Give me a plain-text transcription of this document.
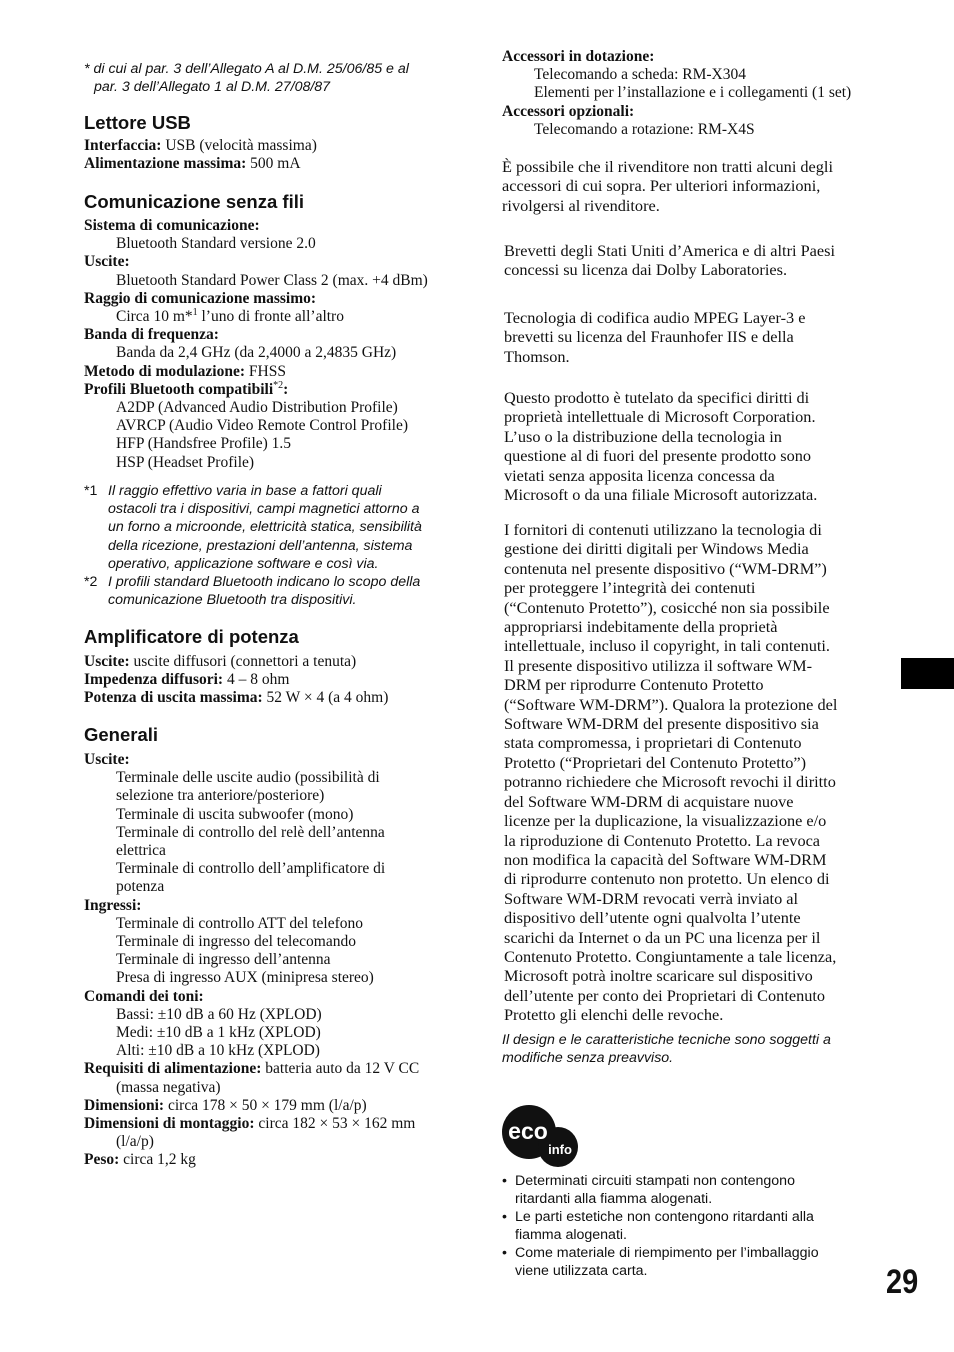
* di cui al par. 3 dell’Allegato A al D.M. 25/06/85 e al
par. 3 dell’Allegato 1 al D.M. 27/08/87
Lettore USB
Interfaccia: USB (velocità massima)
Alimentazione massima: 500 mA
Comunicazione senza fili
Sistema di comunicazione:
Bluetooth Standard versione 2.0
Uscite:
Bluetooth Standard Power Class 2 (max. +4 dBm)
Raggio di comunicazione massimo:
Circa 10 m*$^1$ l’uno di fronte all’altro
Banda di frequenza:
Banda da 2,4 GHz (da 2,4000 a 2,4835 GHz)
Metodo di modulazione: FHSS
Profili Bluetooth compatibili$^{*2}$:
A2DP (Advanced Audio Distribution Profile)
AVRCP (Audio Video Remote Control Profile)
HFP (Handsfree Profile) 1.5
HSP (Headset Profile)
*1 Il raggio effettivo varia in base a fattori quali
ostacoli tra i dispositivi, campi magnetici attorno a
un forno a microonde, elettricità statica, sensibilità
della ricezione, prestazioni dell’antenna, sistema
operativo, applicazione software e così via.
*2 I profili standard Bluetooth indicano lo scopo della
comunicazione Bluetooth tra dispositivi.
Amplificatore di potenza
Uscite: uscite diffusori (connettori a tenuta)
Impedenza diffusori: 4 – 8 ohm
Potenza di uscita massima: 52 W × 4 (a 4 ohm)
Generali
Uscite:
Terminale delle uscite audio (possibilità di
selezione tra anteriore/posteriore)
Terminale di uscita subwoofer (mono)
Terminale di controllo del relè dell’antenna
elettrica
Terminale di controllo dell’amplificatore di
potenza
Ingressi:
Terminale di controllo ATT del telefono
Terminale di ingresso del telecomando
Terminale di ingresso dell’antenna
Presa di ingresso AUX (minipresa stereo)
Comandi dei toni:
Bassi: ±10 dB a 60 Hz (XPLOD)
Medi: ±10 dB a 1 kHz (XPLOD)
Alti: ±10 dB a 10 kHz (XPLOD)
Requisiti di alimentazione: batteria auto da 12 V CC
(massa negativa)
Dimensioni: circa 178 × 50 × 179 mm (l/a/p)
Dimensioni di montaggio: circa 182 × 53 × 162 mm
(l/a/p)
Peso: circa 1,2 kg
Accessori in dotazione:
Telecomando a scheda: RM-X304
Elementi per l’installazione e i collegamenti (1 set)
Accessori opzionali:
Telecomando a rotazione: RM-X4S
È possibile che il rivenditore non tratti alcuni degli
accessori di cui sopra. Per ulteriori informazioni,
rivolgersi al rivenditore.
Brevetti degli Stati Uniti d’America e di altri Paesi
concessi su licenza dai Dolby Laboratories.
Tecnologia di codifica audio MPEG Layer-3 e
brevetti su licenza del Fraunhofer IIS e della
Thomson.
Questo prodotto è tutelato da specifici diritti di
proprietà intellettuale di Microsoft Corporation.
L’uso o la distribuzione della tecnologia in
questione al di fuori del presente prodotto sono
vietati senza apposita licenza concessa da
Microsoft o da una filiale Microsoft autorizzata.
I fornitori di contenuti utilizzano la tecnologia di
gestione dei diritti digitali per Windows Media
contenuta nel presente dispositivo (“WM-DRM”)
per proteggere l’integrità dei contenuti
(“Contenuto Protetto”), cosicché non sia possibile
appropriarsi indebitamente della proprietà
intellettuale, incluso il copyright, in tali contenuti.
Il presente dispositivo utilizza il software WM-
DRM per riprodurre Contenuto Protetto
(“Software WM-DRM”). Qualora la protezione del
Software WM-DRM del presente dispositivo sia
stata compromessa, i proprietari di Contenuto
Protetto (“Proprietari del Contenuto Protetto”)
potranno richiedere che Microsoft revochi il diritto
del Software WM-DRM di acquistare nuove
licenze per la duplicazione, la visualizzazione e/o
la riproduzione di Contenuto Protetto. La revoca
non modifica la capacità del Software WM-DRM
di riprodurre contenuto non protetto. Un elenco di
Software WM-DRM revocati verrà inviato al
dispositivo dell’utente ogni qualvolta l’utente
scarichi da Internet o da un PC una licenza per il
Contenuto Protetto. Congiuntamente a tale licenza,
Microsoft potrà inoltre scaricare sul dispositivo
dell’utente per conto dei Proprietari di Contenuto
Protetto gli elenchi delle revoche.
Il design e le caratteristiche tecniche sono soggetti a
modifiche senza preavviso.
eco
info
• Determinati circuiti stampati non contengono
ritardanti alla fiamma alogenati.
• Le parti estetiche non contengono ritardanti alla
fiamma alogenati.
• Come materiale di riempimento per l’imballaggio
viene utilizzata carta.	29
